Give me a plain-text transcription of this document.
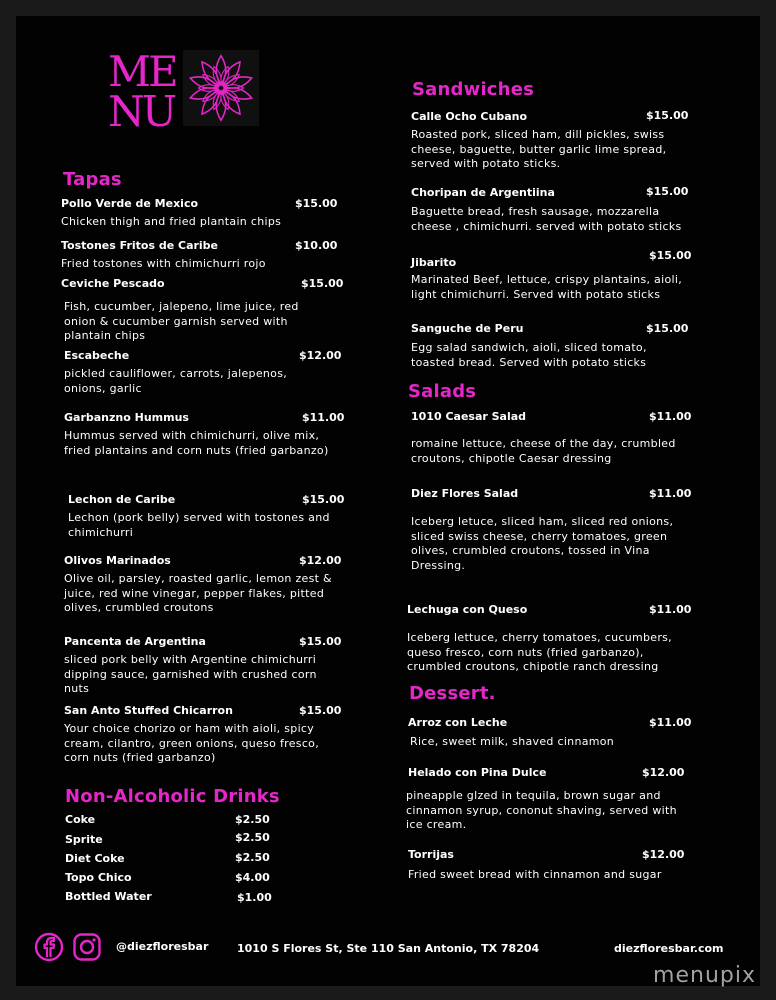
ME
NU
Tapas
Pollo Verde de Mexico	$15.00
Chicken thigh and fried plantain chips
Tostones Fritos de Caribe	$10.00
Fried tostones with chimichurri rojo
Ceviche Pescado	$15.00
Fish, cucumber, jalepeno, lime juice, red onion & cucumber garnish served with plantain chips
Escabeche	$12.00
pickled cauliflower, carrots, jalepenos, onions, garlic
Garbanzno Hummus	$11.00
Hummus served with chimichurri, olive mix, fried plantains and corn nuts (fried garbanzo)
Lechon de Caribe	$15.00
Lechon (pork belly) served with tostones and chimichurri
Olivos Marinados	$12.00
Olive oil, parsley, roasted garlic, lemon zest & juice, red wine vinegar, pepper flakes, pitted olives, crumbled croutons
Pancenta de Argentina	$15.00
sliced pork belly with Argentine chimichurri dipping sauce, garnished with crushed corn nuts
San Anto Stuffed Chicarron	$15.00
Your choice chorizo or ham with aioli, spicy cream, cilantro, green onions, queso fresco, corn nuts (fried garbanzo)
Non-Alcoholic Drinks
Coke	$2.50
Sprite	$2.50
Diet Coke	$2.50
Topo Chico	$4.00
Bottled Water	$1.00
Sandwiches
Calle Ocho Cubano	$15.00
Roasted pork, sliced ham, dill pickles, swiss cheese, baguette, butter garlic lime spread, served with potato sticks.
Choripan de Argentiina	$15.00
Baguette bread, fresh sausage, mozzarella cheese , chimichurri. served with potato sticks
Jibarito
$15.00
Marinated Beef, lettuce, crispy plantains, aioli, light chimichurri. Served with potato sticks
Sanguche de Peru	$15.00
Egg salad sandwich, aioli, sliced tomato, toasted bread. Served with potato sticks
Salads
1010 Caesar Salad	$11.00
romaine lettuce, cheese of the day, crumbled croutons, chipotle Caesar dressing
Diez Flores Salad	$11.00
Iceberg letuce, sliced ham, sliced red onions, sliced swiss cheese, cherry tomatoes, green olives, crumbled croutons, tossed in Vina Dressing.
Lechuga con Queso	$11.00
Iceberg lettuce, cherry tomatoes, cucumbers, queso fresco, corn nuts (fried garbanzo), crumbled croutons, chipotle ranch dressing
Dessert.
Arroz con Leche	$11.00
Rice, sweet milk, shaved cinnamon
Helado con Pina Dulce	$12.00
pineapple glzed in tequila, brown sugar and cinnamon syrup, cononut shaving, served with ice cream.
Torrijas	$12.00
Fried sweet bread with cinnamon and sugar
@diezfloresbar	1010 S Flores St, Ste 110 San Antonio, TX 78204	diezfloresbar.com
menupix
